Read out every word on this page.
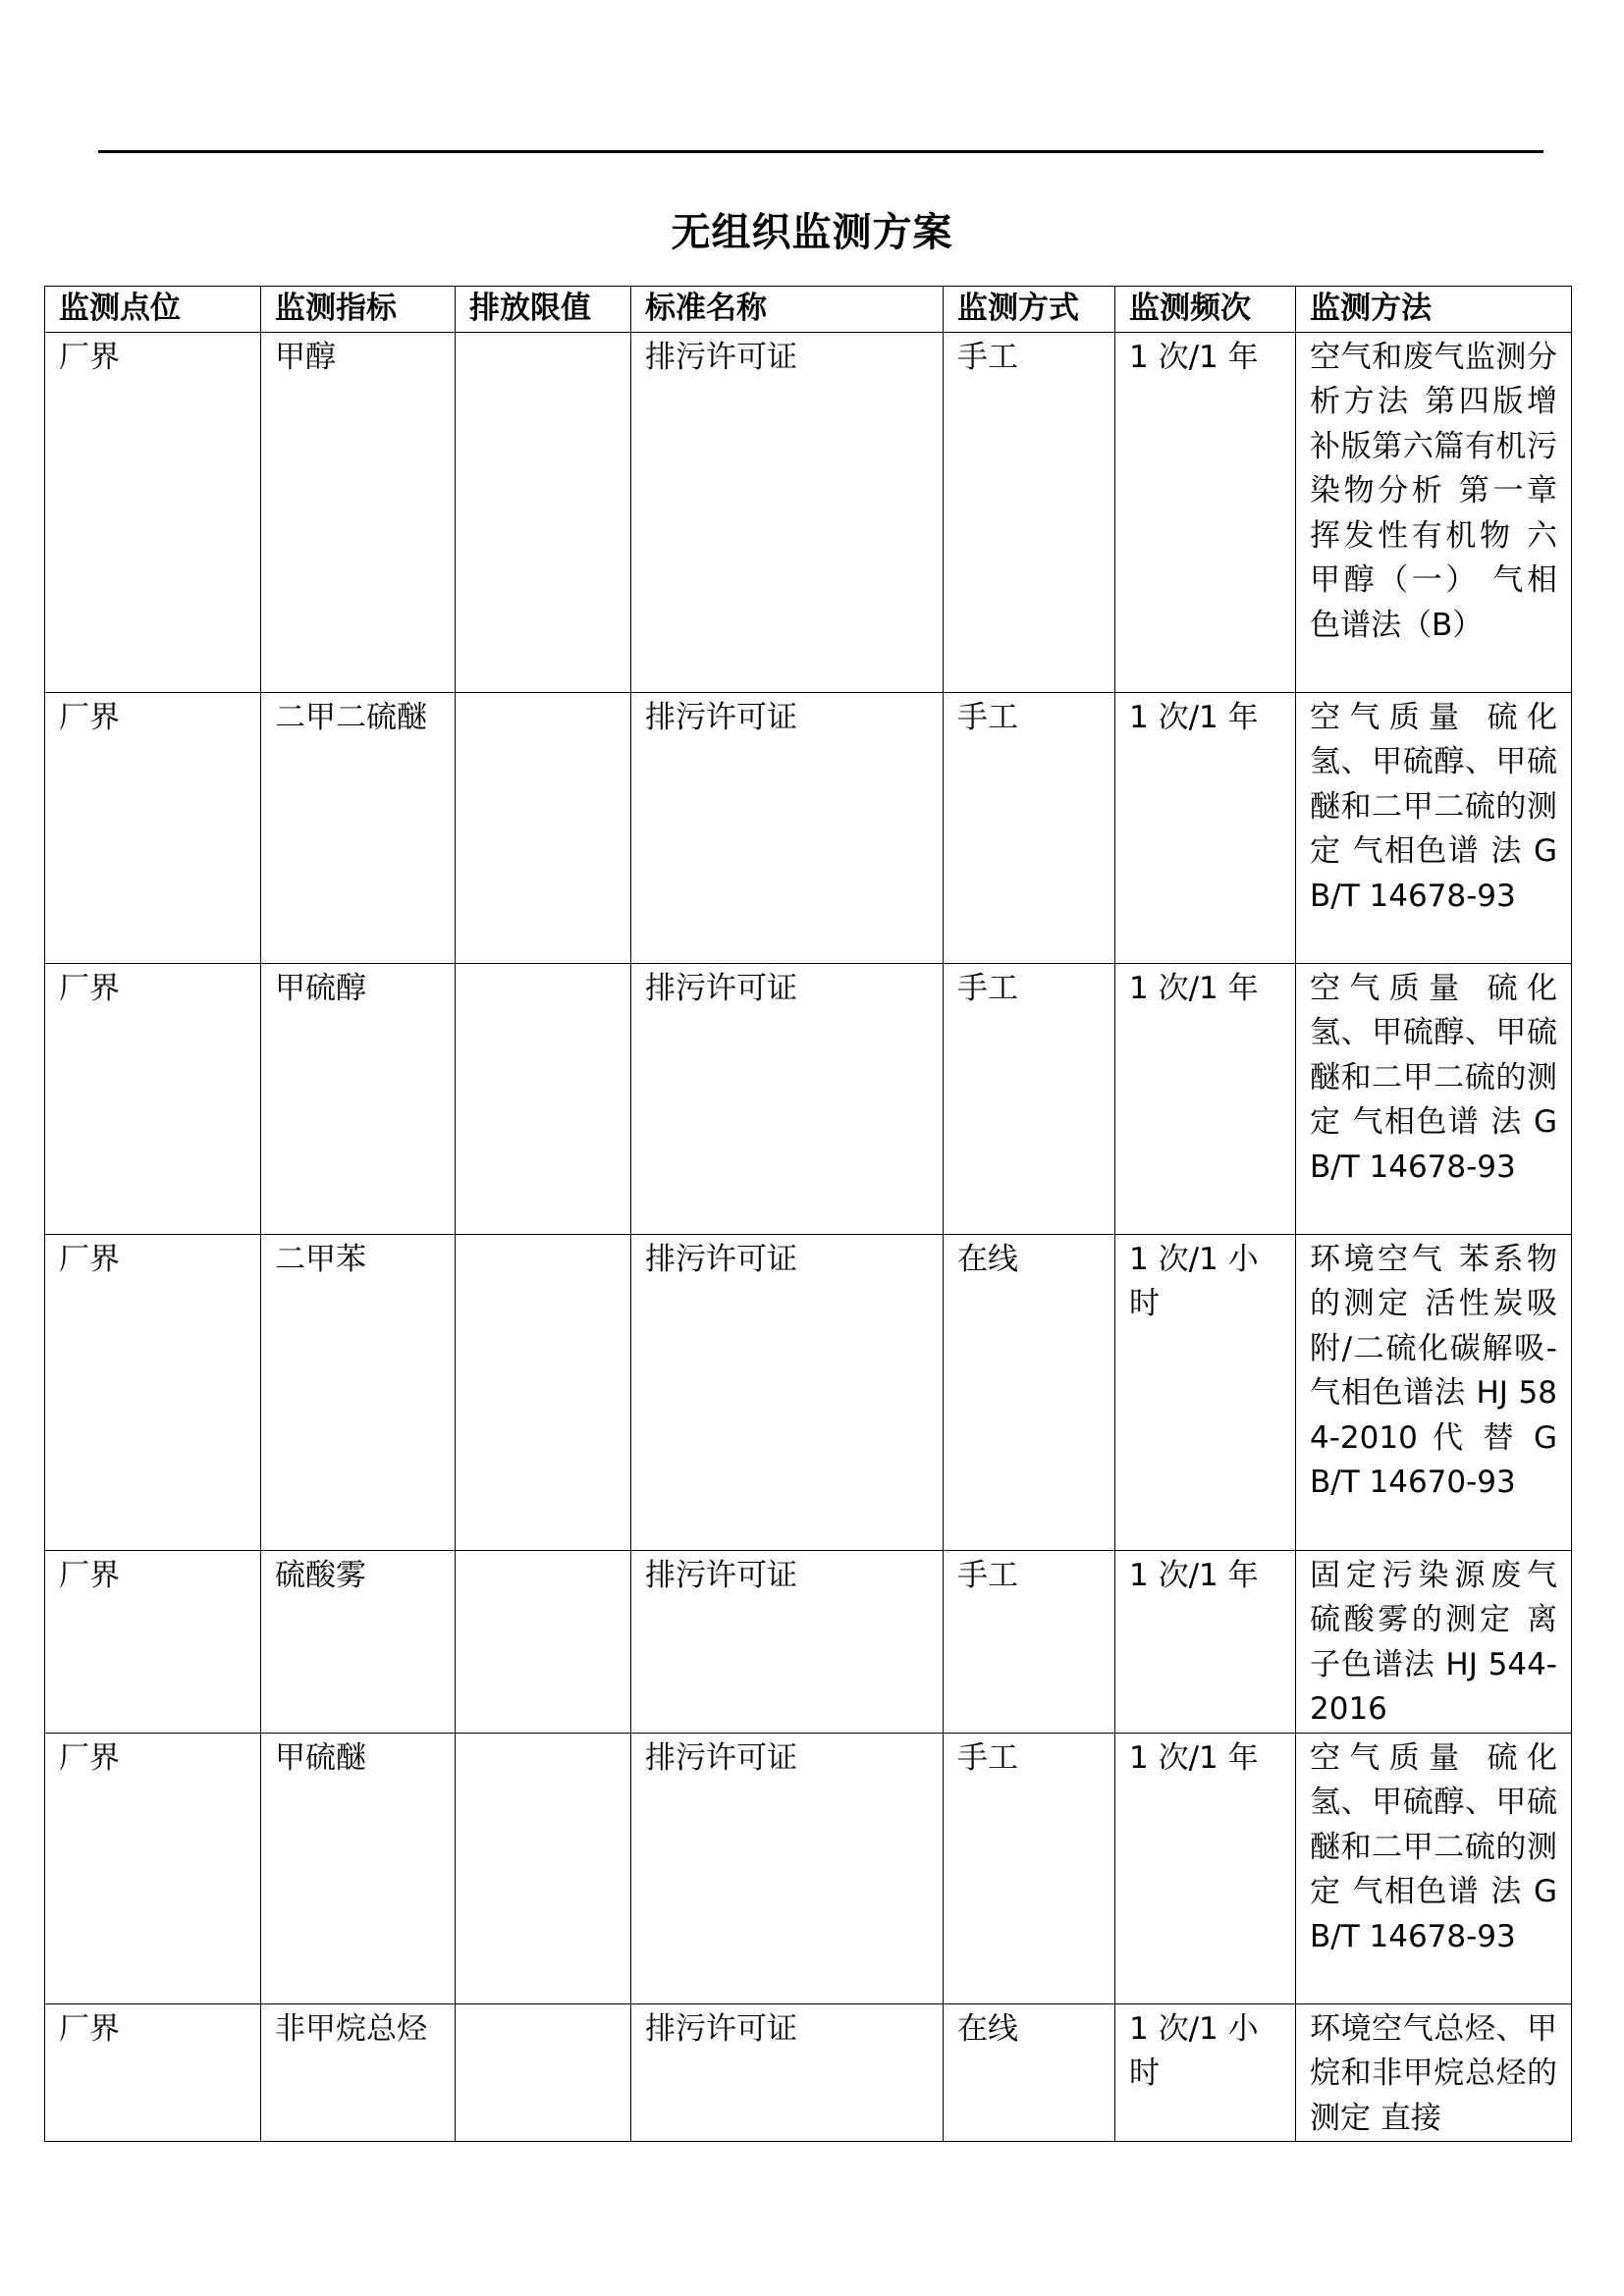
无组织监测方案
监测点位	监测指标	排放限值	标准名称	监测方式	监测频次	监测方法
厂界	甲醇		排污许可证	手工	1 次/1 年	空气和废气监测分析方法 第四版增补版第六篇有机污染物分析 第一章 挥发性有机物 六 甲醇（一） 气相色谱法（B）
厂界	二甲二硫醚		排污许可证	手工	1 次/1 年	空气质量 硫化氢、甲硫醇、甲硫醚和二甲二硫的测定 气相色谱 法 GB/T 14678-93
厂界	甲硫醇		排污许可证	手工	1 次/1 年	空气质量 硫化氢、甲硫醇、甲硫醚和二甲二硫的测定 气相色谱 法 GB/T 14678-93
厂界	二甲苯		排污许可证	在线	1 次/1 小时	环境空气 苯系物的测定 活性炭吸附/二硫化碳解吸-气相色谱法 HJ 584-2010 代 替 GB/T 14670-93
厂界	硫酸雾		排污许可证	手工	1 次/1 年	固定污染源废气 硫酸雾的测定 离子色谱法 HJ 544-2016
厂界	甲硫醚		排污许可证	手工	1 次/1 年	空气质量 硫化氢、甲硫醇、甲硫醚和二甲二硫的测定 气相色谱 法 GB/T 14678-93
厂界	非甲烷总烃		排污许可证	在线	1 次/1 小时	环境空气总烃、甲烷和非甲烷总烃的测定 直接
